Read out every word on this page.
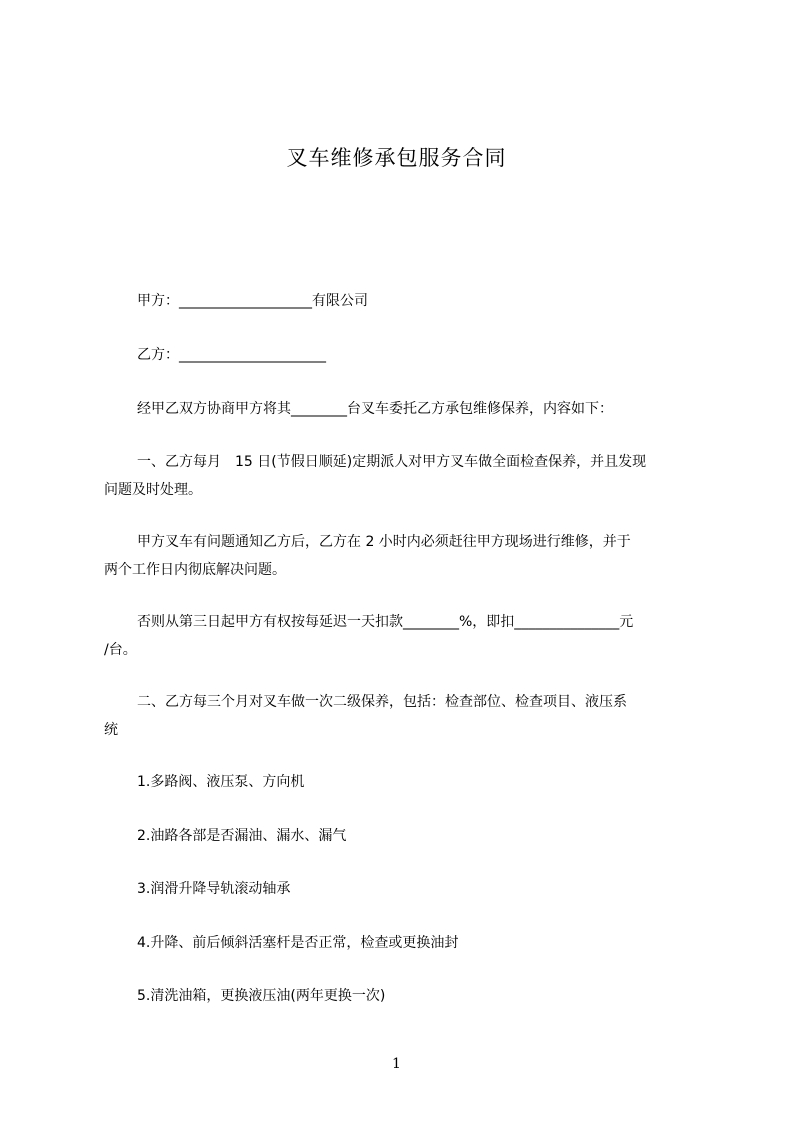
叉车维修承包服务合同
甲方：___________________有限公司
乙方：_____________________
经甲乙双方协商甲方将其________台叉车委托乙方承包维修保养，内容如下：
一、乙方每月　15 日(节假日顺延)定期派人对甲方叉车做全面检查保养，并且发现
问题及时处理。
甲方叉车有问题通知乙方后，乙方在 2 小时内必须赶往甲方现场进行维修，并于
两个工作日内彻底解决问题。
否则从第三日起甲方有权按每延迟一天扣款________%，即扣_______________元
/台。
二、乙方每三个月对叉车做一次二级保养，包括：检查部位、检查项目、液压系
统
1.多路阀、液压泵、方向机
2.油路各部是否漏油、漏水、漏气
3.润滑升降导轨滚动轴承
4.升降、前后倾斜活塞杆是否正常，检查或更换油封
5.清洗油箱，更换液压油(两年更换一次)
1
